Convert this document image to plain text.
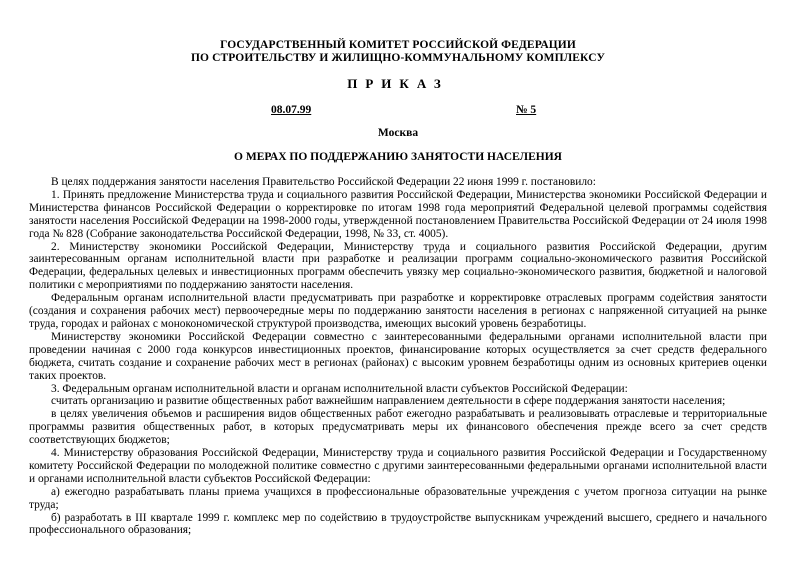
ГОСУДАРСТВЕННЫЙ КОМИТЕТ РОССИЙСКОЙ ФЕДЕРАЦИИ
ПО СТРОИТЕЛЬСТВУ И ЖИЛИЩНО-КОММУНАЛЬНОМУ КОМПЛЕКСУ
ПРИКАЗ
08.07.99	№ 5
Москва
О МЕРАХ ПО ПОДДЕРЖАНИЮ ЗАНЯТОСТИ НАСЕЛЕНИЯ

В целях поддержания занятости населения Правительство Российской Федерации 22 июня 1999 г. постановило:

1. Принять предложение Министерства труда и социального развития Российской Федерации, Министерства экономики Российской Федерации и Министерства финансов Российской Федерации о корректировке по итогам 1998 года мероприятий Федеральной целевой программы содействия занятости населения Российской Федерации на 1998-2000 годы, утвержденной постановлением Правительства Российской Федерации от 24 июля 1998 года № 828 (Собрание законодательства Российской Федерации, 1998, № 33, ст. 4005).

2. Министерству экономики Российской Федерации, Министерству труда и социального развития Российской Федерации, другим заинтересованным органам исполнительной власти при разработке и реализации программ социально-экономического развития Российской Федерации, федеральных целевых и инвестиционных программ обеспечить увязку мер социально-экономического развития, бюджетной и налоговой политики с мероприятиями по поддержанию занятости населения.

Федеральным органам исполнительной власти предусматривать при разработке и корректировке отраслевых программ содействия занятости (создания и сохранения рабочих мест) первоочередные меры по поддержанию занятости населения в регионах с напряженной ситуацией на рынке труда, городах и районах с монокономической структурой производства, имеющих высокий уровень безработицы.

Министерству экономики Российской Федерации совместно с заинтересованными федеральными органами исполнительной власти при проведении начиная с 2000 года конкурсов инвестиционных проектов, финансирование которых осуществляется за счет средств федерального бюджета, считать создание и сохранение рабочих мест в регионах (районах) с высоким уровнем безработицы одним из основных критериев оценки таких проектов.

3. Федеральным органам исполнительной власти и органам исполнительной власти субъектов Российской Федерации:

считать организацию и развитие общественных работ важнейшим направлением деятельности в сфере поддержания занятости населения;

в целях увеличения объемов и расширения видов общественных работ ежегодно разрабатывать и реализовывать отраслевые и территориальные программы развития общественных работ, в которых предусматривать меры их финансового обеспечения прежде всего за счет средств соответствующих бюджетов;

4. Министерству образования Российской Федерации, Министерству труда и социального развития Российской Федерации и Государственному комитету Российской Федерации по молодежной политике совместно с другими заинтересованными федеральными органами исполнительной власти и органами исполнительной власти субъектов Российской Федерации:

а) ежегодно разрабатывать планы приема учащихся в профессиональные образовательные учреждения с учетом прогноза ситуации на рынке труда;

б) разработать в III квартале 1999 г. комплекс мер по содействию в трудоустройстве выпускникам учреждений высшего, среднего и начального профессионального образования;
